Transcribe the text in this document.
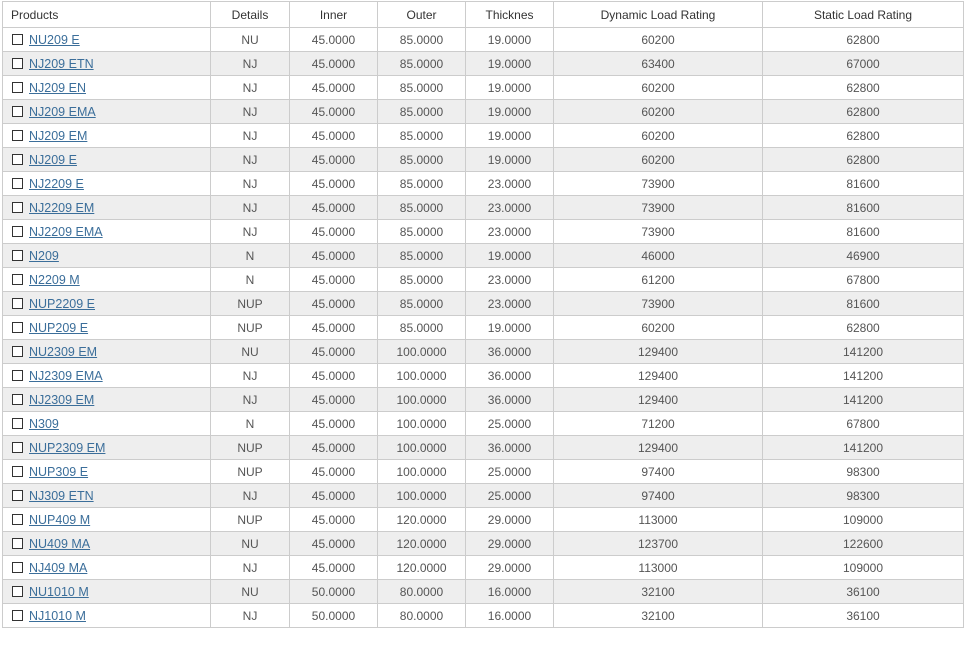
Products	Details	Inner	Outer	Thicknes	Dynamic Load Rating	Static Load Rating
NU209 E	NU	45.0000	85.0000	19.0000	60200	62800
NJ209 ETN	NJ	45.0000	85.0000	19.0000	63400	67000
NJ209 EN	NJ	45.0000	85.0000	19.0000	60200	62800
NJ209 EMA	NJ	45.0000	85.0000	19.0000	60200	62800
NJ209 EM	NJ	45.0000	85.0000	19.0000	60200	62800
NJ209 E	NJ	45.0000	85.0000	19.0000	60200	62800
NJ2209 E	NJ	45.0000	85.0000	23.0000	73900	81600
NJ2209 EM	NJ	45.0000	85.0000	23.0000	73900	81600
NJ2209 EMA	NJ	45.0000	85.0000	23.0000	73900	81600
N209	N	45.0000	85.0000	19.0000	46000	46900
N2209 M	N	45.0000	85.0000	23.0000	61200	67800
NUP2209 E	NUP	45.0000	85.0000	23.0000	73900	81600
NUP209 E	NUP	45.0000	85.0000	19.0000	60200	62800
NU2309 EM	NU	45.0000	100.0000	36.0000	129400	141200
NJ2309 EMA	NJ	45.0000	100.0000	36.0000	129400	141200
NJ2309 EM	NJ	45.0000	100.0000	36.0000	129400	141200
N309	N	45.0000	100.0000	25.0000	71200	67800
NUP2309 EM	NUP	45.0000	100.0000	36.0000	129400	141200
NUP309 E	NUP	45.0000	100.0000	25.0000	97400	98300
NJ309 ETN	NJ	45.0000	100.0000	25.0000	97400	98300
NUP409 M	NUP	45.0000	120.0000	29.0000	113000	109000
NU409 MA	NU	45.0000	120.0000	29.0000	123700	122600
NJ409 MA	NJ	45.0000	120.0000	29.0000	113000	109000
NU1010 M	NU	50.0000	80.0000	16.0000	32100	36100
NJ1010 M	NJ	50.0000	80.0000	16.0000	32100	36100
